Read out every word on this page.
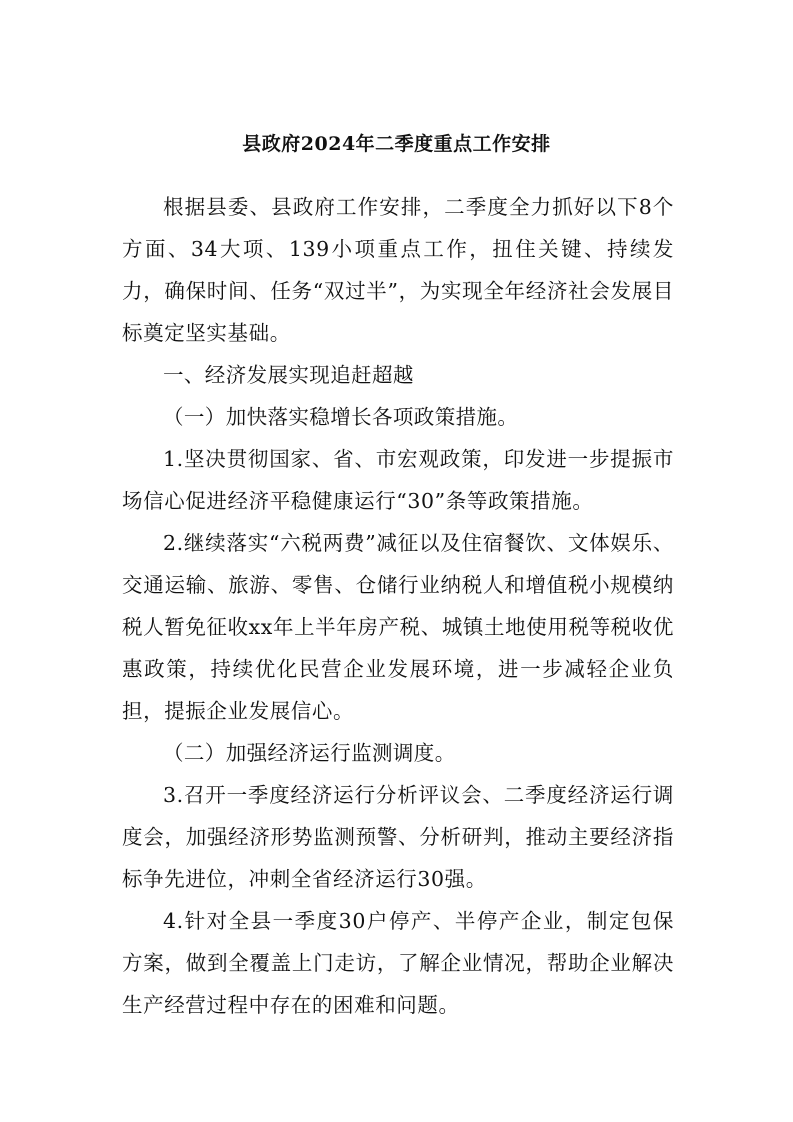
县政府2024年二季度重点工作安排

根据县委、县政府工作安排，二季度全力抓好以下8个方面、34大项、139小项重点工作，扭住关键、持续发力，确保时间、任务“双过半”，为实现全年经济社会发展目标奠定坚实基础。

一、经济发展实现追赶超越

（一）加快落实稳增长各项政策措施。

1.坚决贯彻国家、省、市宏观政策，印发进一步提振市场信心促进经济平稳健康运行“30”条等政策措施。

2.继续落实“六税两费”减征以及住宿餐饮、文体娱乐、交通运输、旅游、零售、仓储行业纳税人和增值税小规模纳税人暂免征收xx年上半年房产税、城镇土地使用税等税收优惠政策，持续优化民营企业发展环境，进一步减轻企业负担，提振企业发展信心。

（二）加强经济运行监测调度。

3.召开一季度经济运行分析评议会、二季度经济运行调度会，加强经济形势监测预警、分析研判，推动主要经济指标争先进位，冲刺全省经济运行30强。

4.针对全县一季度30户停产、半停产企业，制定包保方案，做到全覆盖上门走访，了解企业情况，帮助企业解决生产经营过程中存在的困难和问题。
